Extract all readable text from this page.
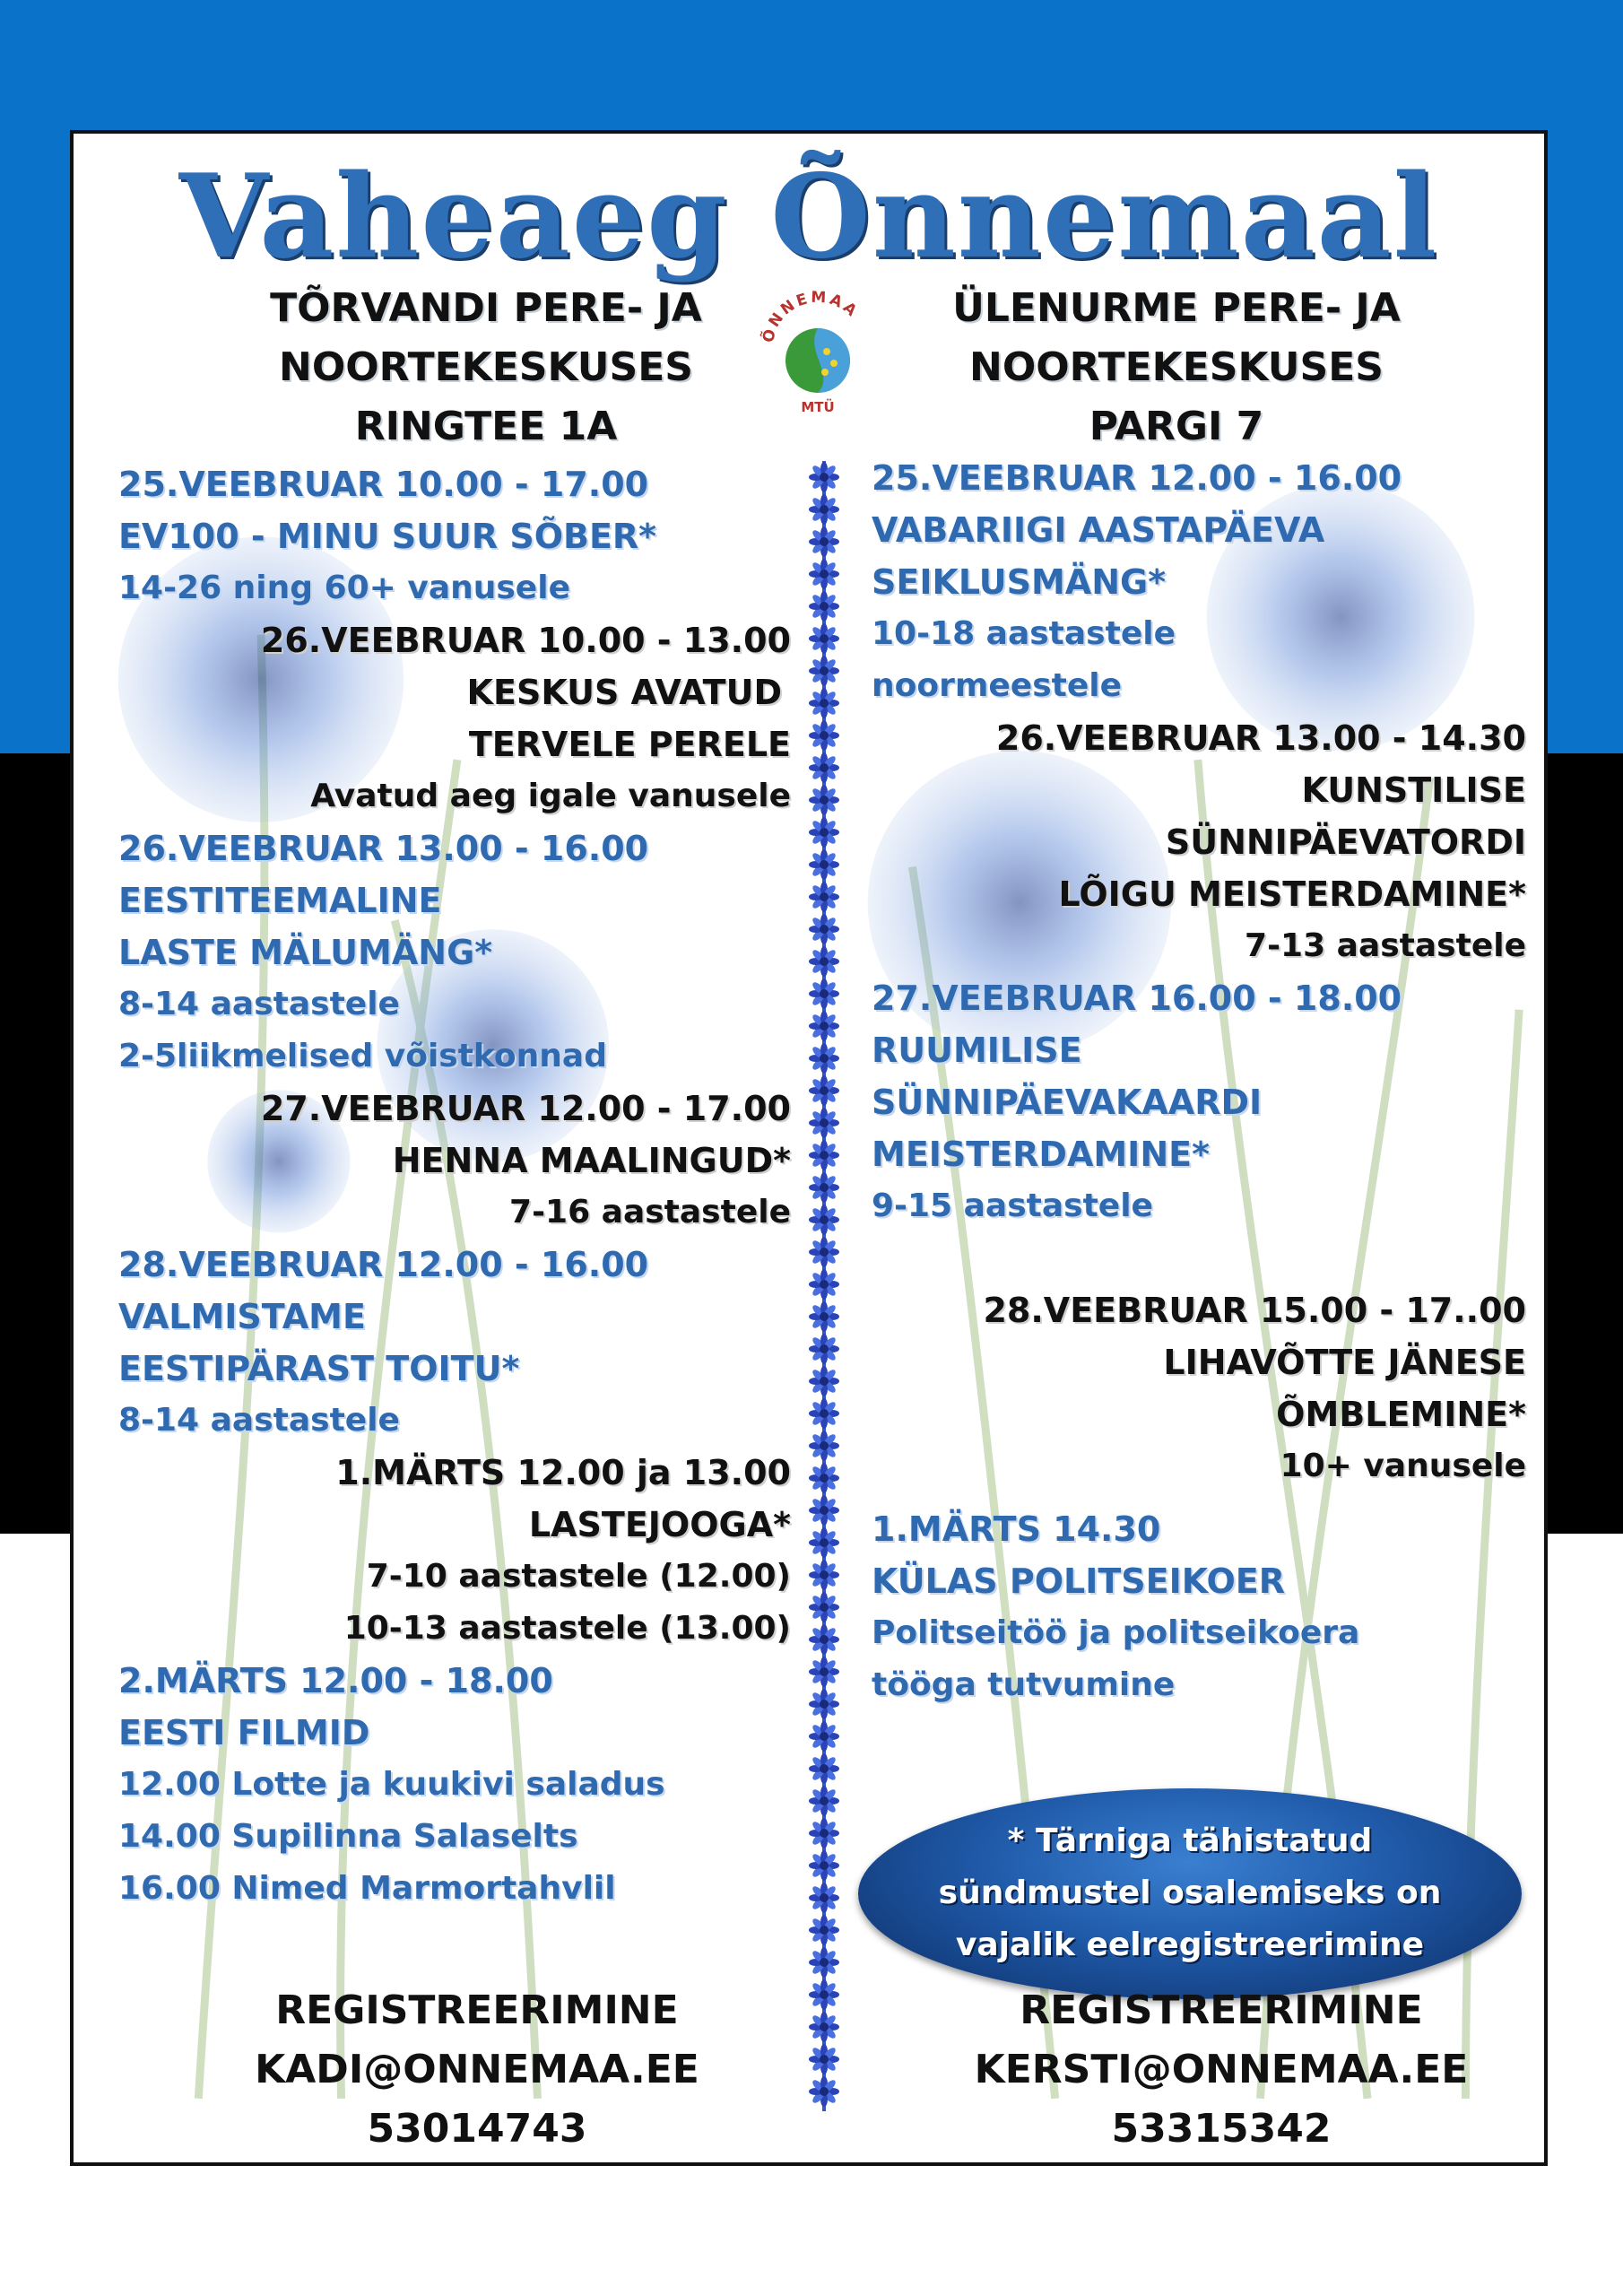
Vaheaeg Õnnemaal
TÕRVANDI PERE- JA
NOORTEKESKUSES
RINGTEE 1A
ÕNNEMAA
MTÜ
ÜLENURME PERE- JA
NOORTEKESKUSES
PARGI 7
25.VEEBRUAR 10.00 - 17.00
EV100 - MINU SUUR SÕBER*
14-26 ning 60+ vanusele
26.VEEBRUAR 10.00 - 13.00
KESKUS AVATUD
TERVELE PERELE
Avatud aeg igale vanusele
26.VEEBRUAR 13.00 - 16.00
EESTITEEMALINE
LASTE MÄLUMÄNG*
8-14 aastastele
2-5liikmelised võistkonnad
27.VEEBRUAR 12.00 - 17.00
HENNA MAALINGUD*
7-16 aastastele
28.VEEBRUAR 12.00 - 16.00
VALMISTAME
EESTIPÄRAST TOITU*
8-14 aastastele
1.MÄRTS 12.00 ja 13.00
LASTEJOOGA*
7-10 aastastele (12.00)
10-13 aastastele (13.00)
2.MÄRTS 12.00 - 18.00
EESTI FILMID
12.00 Lotte ja kuukivi saladus
14.00 Supilinna Salaselts
16.00 Nimed Marmortahvlil
25.VEEBRUAR 12.00 - 16.00
VABARIIGI AASTAPÄEVA
SEIKLUSMÄNG*
10-18 aastastele
noormeestele
26.VEEBRUAR 13.00 - 14.30
KUNSTILISE
SÜNNIPÄEVATORDI
LÕIGU MEISTERDAMINE*
7-13 aastastele
27.VEEBRUAR 16.00 - 18.00
RUUMILISE
SÜNNIPÄEVAKAARDI
MEISTERDAMINE*
9-15 aastastele
28.VEEBRUAR 15.00 - 17..00
LIHAVÕTTE JÄNESE
ÕMBLEMINE*
10+ vanusele
1.MÄRTS 14.30
KÜLAS POLITSEIKOER
Politseitöö ja politseikoera
tööga tutvumine
* Tärniga tähistatud
sündmustel osalemiseks on
vajalik eelregistreerimine
REGISTREERIMINE
KADI@ONNEMAA.EE
53014743
REGISTREERIMINE
KERSTI@ONNEMAA.EE
53315342
